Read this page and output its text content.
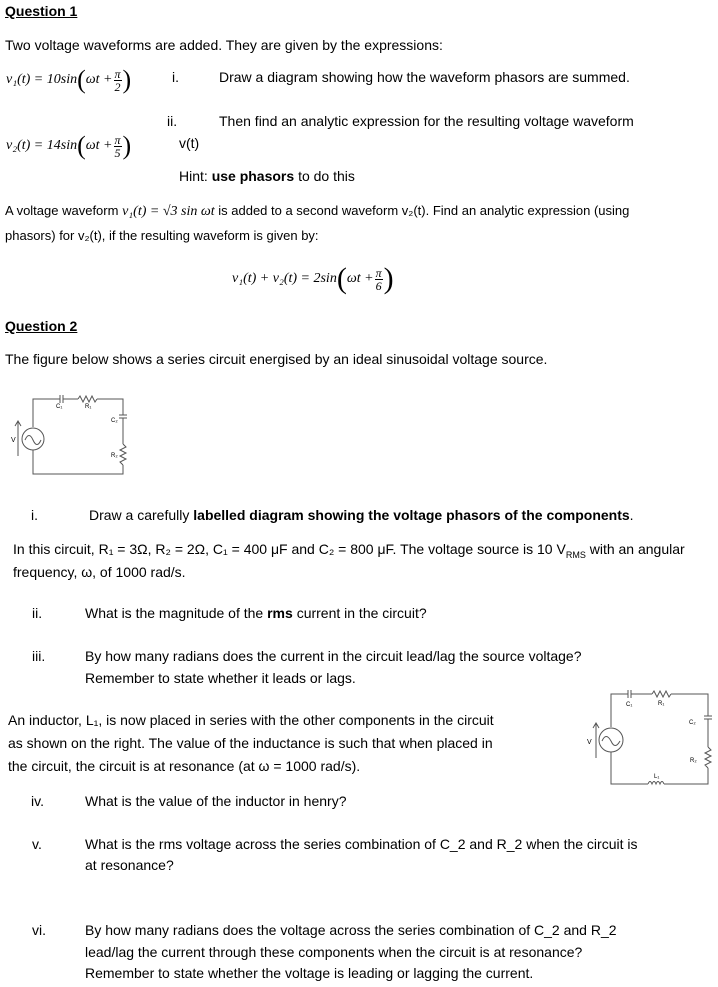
Question 1
Two voltage waveforms are added. They are given by the expressions:
v₁(t) = 10sin ( $\omega t + \frac{\pi}{2}$ )	i.	Draw a diagram showing how the waveform phasors are summed.
ii.	Then find an analytic expression for the resulting voltage waveform
v₂(t) = 14sin ( $\omega t + \frac{\pi}{5}$ )	v(t)
Hint: use phasors to do this
A voltage waveform v₁(t) = √3 sin ωt is added to a second waveform v₂(t). Find an analytic expression (using
phasors) for v₂(t), if the resulting waveform is given by:
v₁(t) + v₂(t) = 2sin ( $\omega t + \frac{\pi}{6}$ )
Question 2
The figure below shows a series circuit energised by an ideal sinusoidal voltage source.
C₁	R₁
C₂
R₂
V
i.	Draw a carefully labelled diagram showing the voltage phasors of the components.
In this circuit, R₁ = 3Ω, R₂ = 2Ω, C₁ = 400 μF and C₂ = 800 μF. The voltage source is 10 $V_{RMS}$ with an angular
frequency, ω, of 1000 rad/s.
ii.	What is the magnitude of the rms current in the circuit?
iii.	By how many radians does the current in the circuit lead/lag the source voltage?
Remember to state whether it leads or lags.
An inductor, L₁, is now placed in series with the other components in the circuit
as shown on the right. The value of the inductance is such that when placed in
the circuit, the circuit is at resonance (at ω = 1000 rad/s).
C₁	R₁
C₂
R₂
L₁
V
iv.	What is the value of the inductor in henry?
v.	What is the rms voltage across the series combination of C_2 and R_2 when the circuit is
at resonance?
vi.	By how many radians does the voltage across the series combination of C_2 and R_2
lead/lag the current through these components when the circuit is at resonance?
Remember to state whether the voltage is leading or lagging the current.
